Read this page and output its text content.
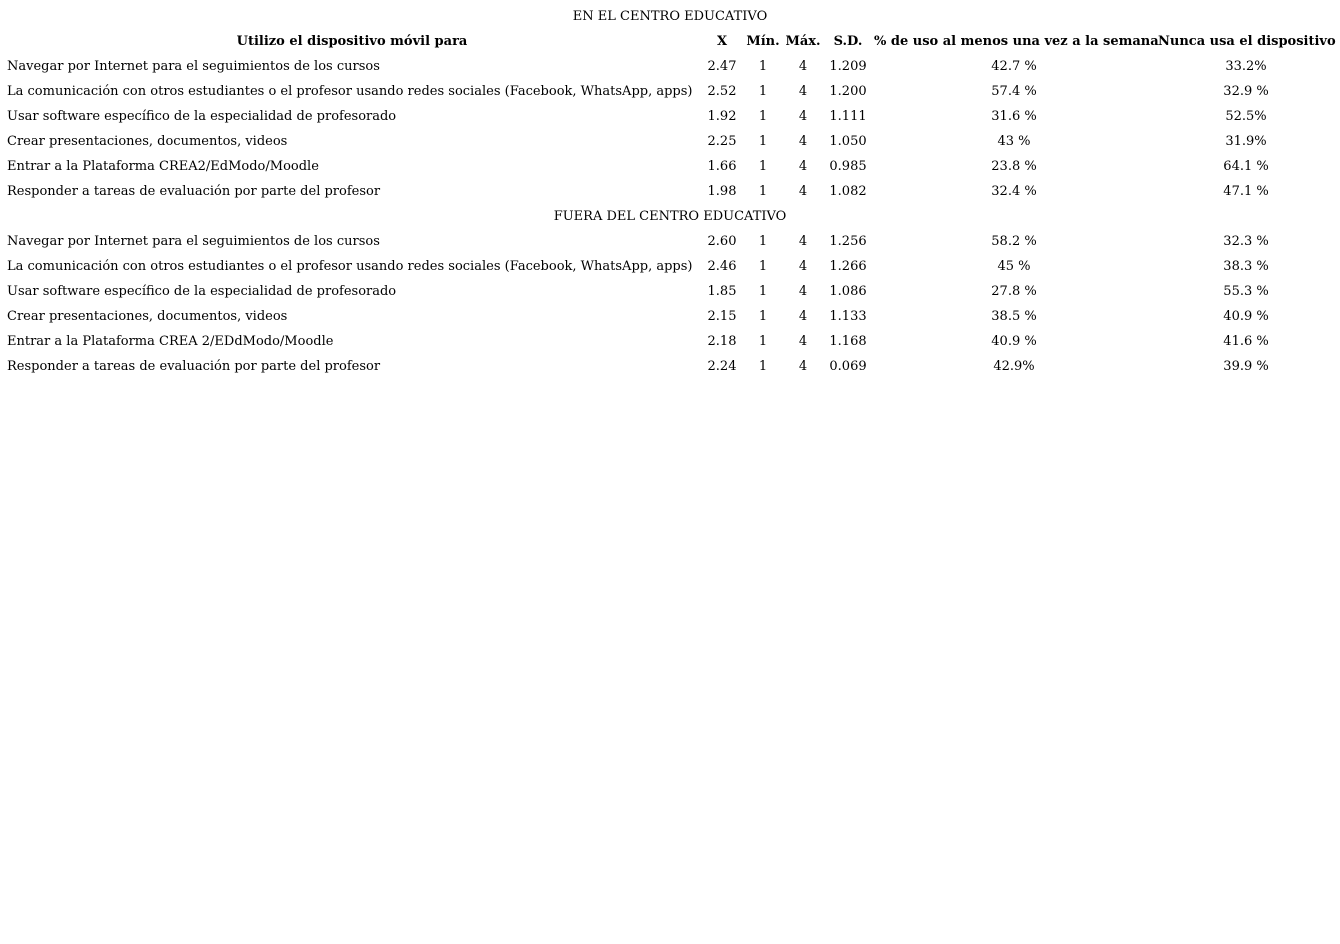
EN EL CENTRO EDUCATIVO						
Utilizo el dispositivo móvil para	X	Mín.	Máx.	S.D.	% de uso al menos una vez a la semana	Nunca usa el dispositivo
Navegar por Internet para el seguimientos de los cursos	2.47	1	4	1.209	42.7 %	33.2%
La comunicación con otros estudiantes o el profesor usando redes sociales (Facebook, WhatsApp, apps)	2.52	1	4	1.200	57.4 %	32.9 %
Usar software específico de la especialidad de profesorado	1.92	1	4	1.111	31.6 %	52.5%
Crear presentaciones, documentos, videos	2.25	1	4	1.050	43 %	31.9%
Entrar a la Plataforma CREA2/EdModo/Moodle	1.66	1	4	0.985	23.8 %	64.1 %
Responder a tareas de evaluación por parte del profesor	1.98	1	4	1.082	32.4 %	47.1 %
FUERA DEL CENTRO EDUCATIVO						
Navegar por Internet para el seguimientos de los cursos	2.60	1	4	1.256	58.2 %	32.3 %
La comunicación con otros estudiantes o el profesor usando redes sociales (Facebook, WhatsApp, apps)	2.46	1	4	1.266	45 %	38.3 %
Usar software específico de la especialidad de profesorado	1.85	1	4	1.086	27.8 %	55.3 %
Crear presentaciones, documentos, videos	2.15	1	4	1.133	38.5 %	40.9 %
Entrar a la Plataforma CREA 2/EDdModo/Moodle	2.18	1	4	1.168	40.9 %	41.6 %
Responder a tareas de evaluación por parte del profesor	2.24	1	4	0.069	42.9%	39.9 %
